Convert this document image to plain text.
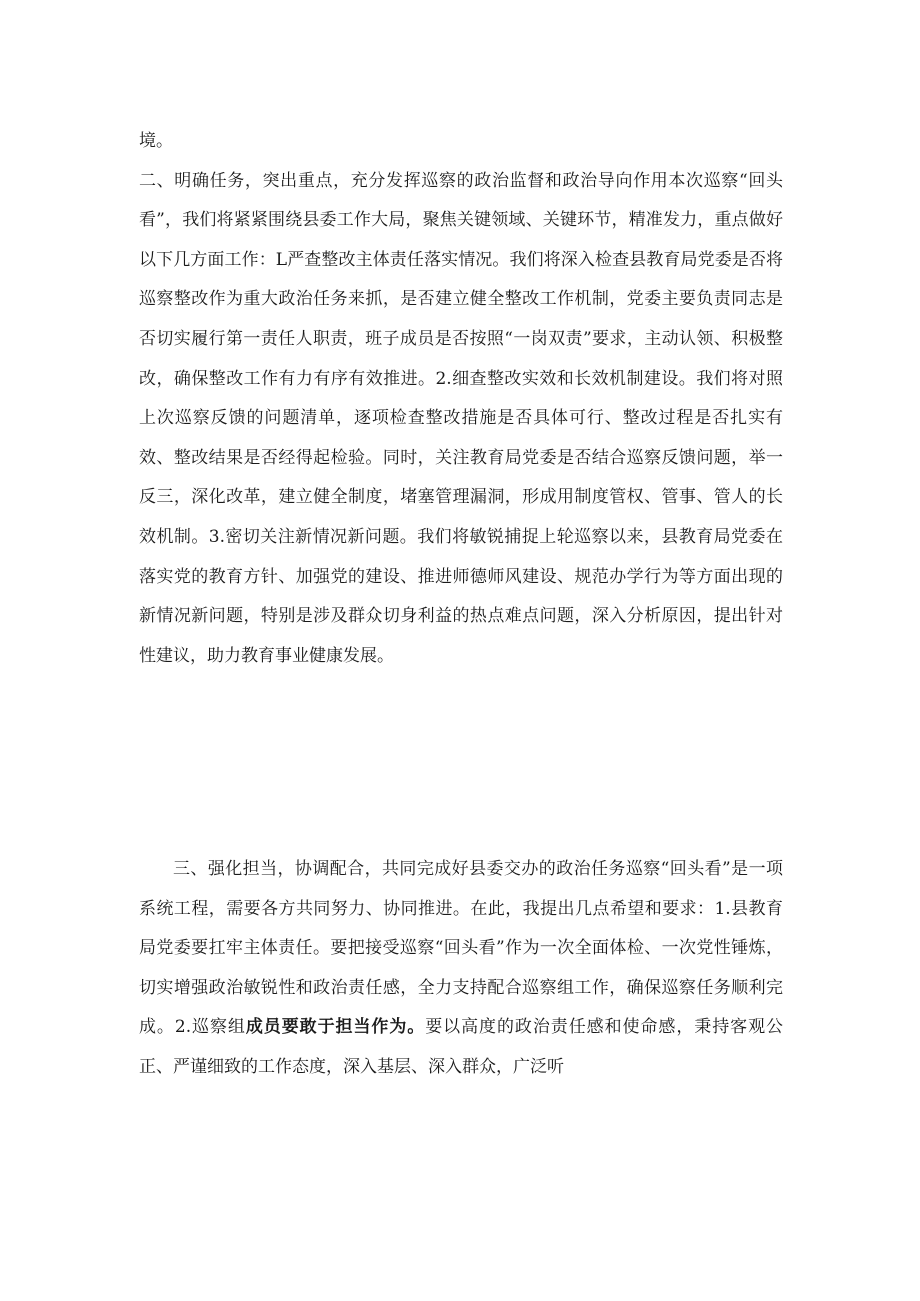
境。

二、明确任务，突出重点，充分发挥巡察的政治监督和政治导向作用本次巡察“回头看”，我们将紧紧围绕县委工作大局，聚焦关键领域、关键环节，精准发力，重点做好以下几方面工作：L严查整改主体责任落实情况。我们将深入检查县教育局党委是否将巡察整改作为重大政治任务来抓，是否建立健全整改工作机制，党委主要负责同志是否切实履行第一责任人职责，班子成员是否按照“一岗双责”要求，主动认领、积极整改，确保整改工作有力有序有效推进。2.细查整改实效和长效机制建设。我们将对照上次巡察反馈的问题清单，逐项检查整改措施是否具体可行、整改过程是否扎实有效、整改结果是否经得起检验。同时，关注教育局党委是否结合巡察反馈问题，举一反三，深化改革，建立健全制度，堵塞管理漏洞，形成用制度管权、管事、管人的长效机制。3.密切关注新情况新问题。我们将敏锐捕捉上轮巡察以来，县教育局党委在落实党的教育方针、加强党的建设、推进师德师风建设、规范办学行为等方面出现的新情况新问题，特别是涉及群众切身利益的热点难点问题，深入分析原因，提出针对性建议，助力教育事业健康发展。

三、强化担当，协调配合，共同完成好县委交办的政治任务巡察“回头看”是一项系统工程，需要各方共同努力、协同推进。在此，我提出几点希望和要求：1.县教育局党委要扛牢主体责任。要把接受巡察“回头看”作为一次全面体检、一次党性锤炼，切实增强政治敏锐性和政治责任感，全力支持配合巡察组工作，确保巡察任务顺利完成。2.巡察组成员要敢于担当作为。要以高度的政治责任感和使命感，秉持客观公正、严谨细致的工作态度，深入基层、深入群众，广泛听
